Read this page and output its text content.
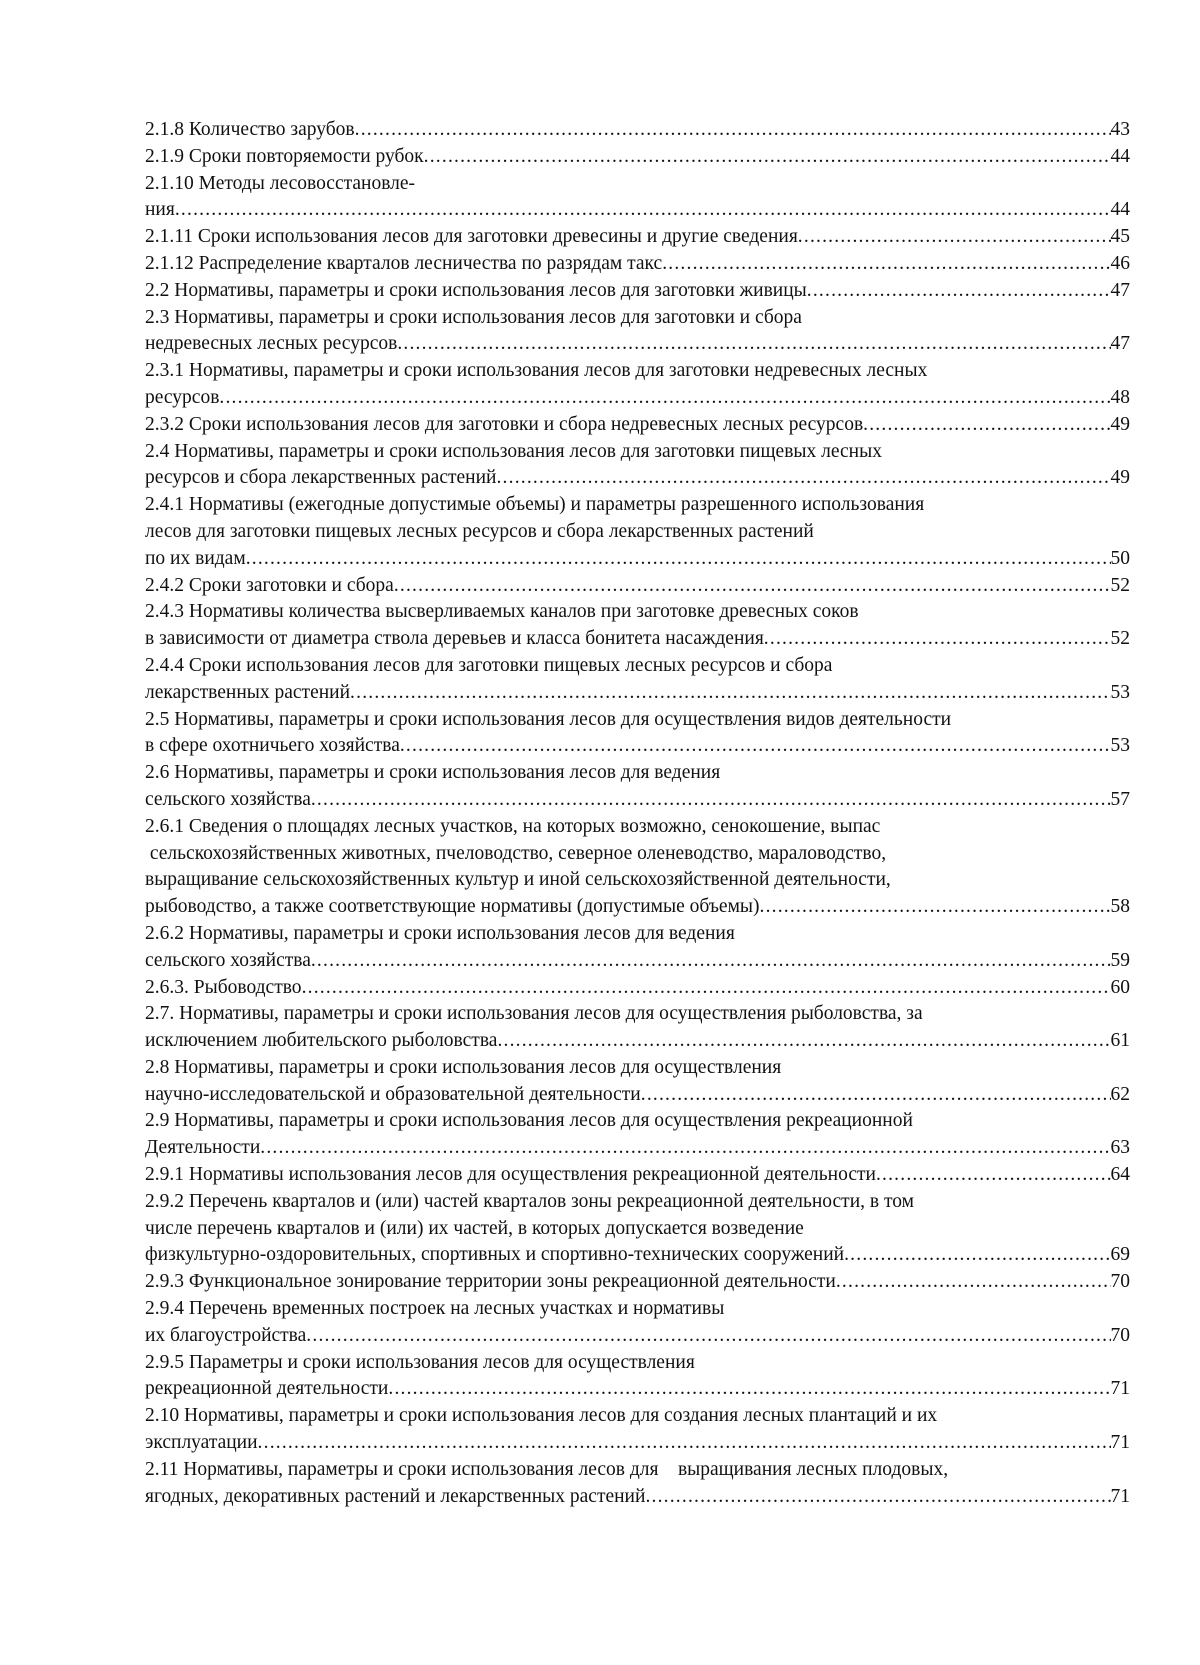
2.1.8 Количество зарубов .....	43
2.1.9 Сроки повторяемости рубок .....	44
2.1.10 Методы лесовосстановле-
ния .....	44
2.1.11 Сроки использования лесов для заготовки древесины и другие сведения .....	45
2.1.12 Распределение кварталов лесничества по разрядам такс .....	46
2.2 Нормативы, параметры и сроки использования лесов для заготовки живицы .....	47
2.3 Нормативы, параметры и сроки использования лесов для заготовки и сбора
недревесных лесных ресурсов .....	47
2.3.1 Нормативы, параметры и сроки использования лесов для заготовки недревесных лесных
ресурсов .....	48
2.3.2 Сроки использования лесов для заготовки и сбора недревесных лесных ресурсов .....	49
2.4 Нормативы, параметры и сроки использования лесов для заготовки пищевых лесных
ресурсов и сбора лекарственных растений .....	49
2.4.1 Нормативы (ежегодные допустимые объемы) и параметры разрешенного использования
лесов для заготовки пищевых лесных ресурсов и сбора лекарственных растений
по их видам .....	50
2.4.2 Сроки заготовки и сбора .....	52
2.4.3 Нормативы количества высверливаемых каналов при заготовке древесных соков
в зависимости от диаметра ствола деревьев и класса бонитета насаждения .....	52
2.4.4 Сроки использования лесов для заготовки пищевых лесных ресурсов и сбора
лекарственных растений .....	53
2.5 Нормативы, параметры и сроки использования лесов для осуществления видов деятельности
в сфере охотничьего хозяйства .....	53
2.6 Нормативы, параметры и сроки использования лесов для ведения
сельского хозяйства .....	57
2.6.1 Сведения о площадях лесных участков, на которых возможно, сенокошение, выпас
сельскохозяйственных животных, пчеловодство, северное оленеводство, мараловодство,
выращивание сельскохозяйственных культур и иной сельскохозяйственной деятельности,
рыбоводство, а также соответствующие нормативы (допустимые объемы) .....	58
2.6.2 Нормативы, параметры и сроки использования лесов для ведения
сельского хозяйства .....	59
2.6.3. Рыбоводство .....	60
2.7. Нормативы, параметры и сроки использования лесов для осуществления рыболовства, за
исключением любительского рыболовства .....	61
2.8 Нормативы, параметры и сроки использования лесов для осуществления
научно-исследовательской и образовательной деятельности .....	62
2.9 Нормативы, параметры и сроки использования лесов для осуществления рекреационной
Деятельности .....	63
2.9.1 Нормативы использования лесов для осуществления рекреационной деятельности .....	64
2.9.2 Перечень кварталов и (или) частей кварталов зоны рекреационной деятельности, в том
числе перечень кварталов и (или) их частей, в которых допускается возведение
физкультурно-оздоровительных, спортивных и спортивно-технических сооружений .....	69
2.9.3 Функциональное зонирование территории зоны рекреационной деятельности .....	70
2.9.4 Перечень временных построек на лесных участках и нормативы
их благоустройства .....	70
2.9.5 Параметры и сроки использования лесов для осуществления
рекреационной деятельности .....	71
2.10 Нормативы, параметры и сроки использования лесов для создания лесных плантаций и их
эксплуатации .....	71
2.11 Нормативы, параметры и сроки использования лесов для    выращивания лесных плодовых,
ягодных, декоративных растений и лекарственных растений .....	71
